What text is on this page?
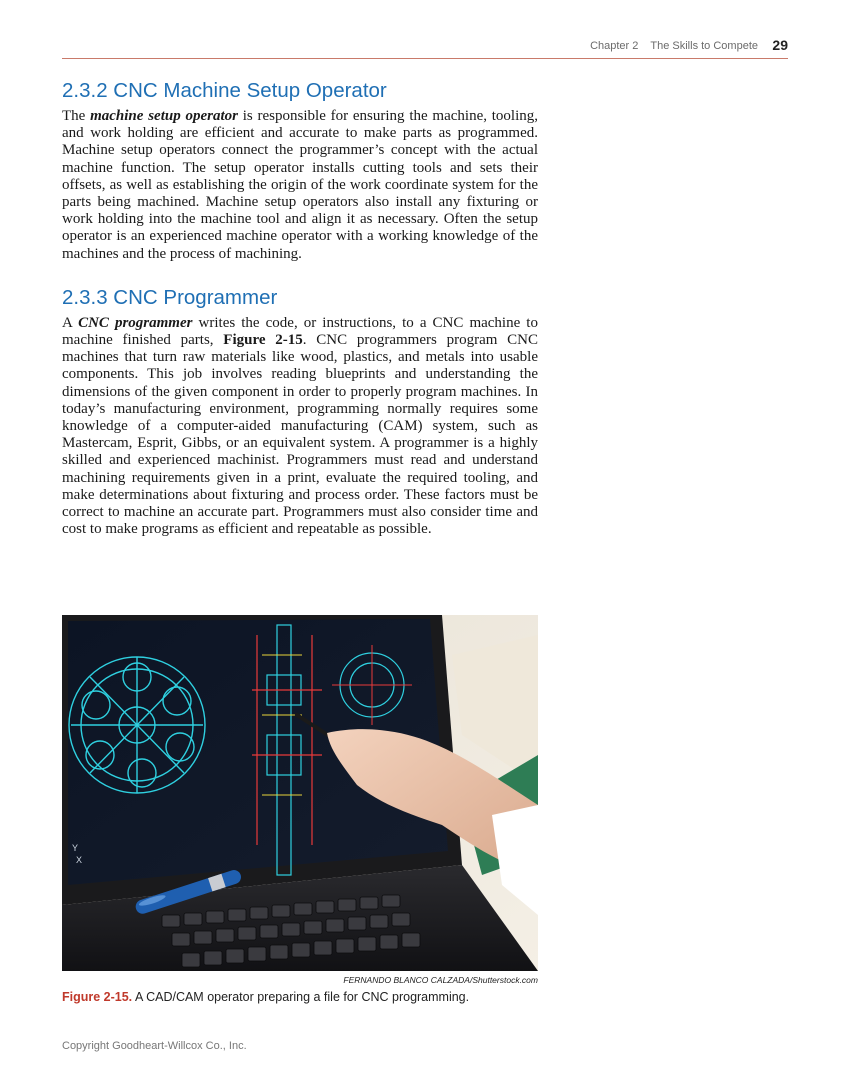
Chapter 2 The Skills to Compete 29
2.3.2 CNC Machine Setup Operator

The machine setup operator is responsible for ensuring the machine, tooling, and work holding are efficient and accurate to make parts as programmed. Machine setup operators connect the programmer’s concept with the actual machine function. The setup operator installs cutting tools and sets their offsets, as well as establishing the origin of the work coordinate system for the parts being machined. Machine setup operators also install any fixturing or work holding into the machine tool and align it as necessary. Often the setup operator is an experienced machine operator with a working knowledge of the machines and the process of machining.

2.3.3 CNC Programmer

A CNC programmer writes the code, or instructions, to a CNC machine to machine finished parts, Figure 2-15. CNC programmers program CNC machines that turn raw materials like wood, plastics, and metals into usable components. This job involves reading blueprints and understanding the dimensions of the given component in order to properly program machines. In today’s manufacturing environment, programming normally requires some knowledge of a computer-aided manufacturing (CAM) system, such as Mastercam, Esprit, Gibbs, or an equivalent system. A programmer is a highly skilled and experienced machinist. Programmers must read and understand machining requirements given in a print, evaluate the required tooling, and make determinations about fixturing and process order. These factors must be correct to machine an accurate part. Programmers must also consider time and cost to make programs as efficient and repeatable as possible.

X
Y
FERNANDO BLANCO CALZADA/Shutterstock.com
Figure 2-15. A CAD/CAM operator preparing a file for CNC programming.
Copyright Goodheart-Willcox Co., Inc.
